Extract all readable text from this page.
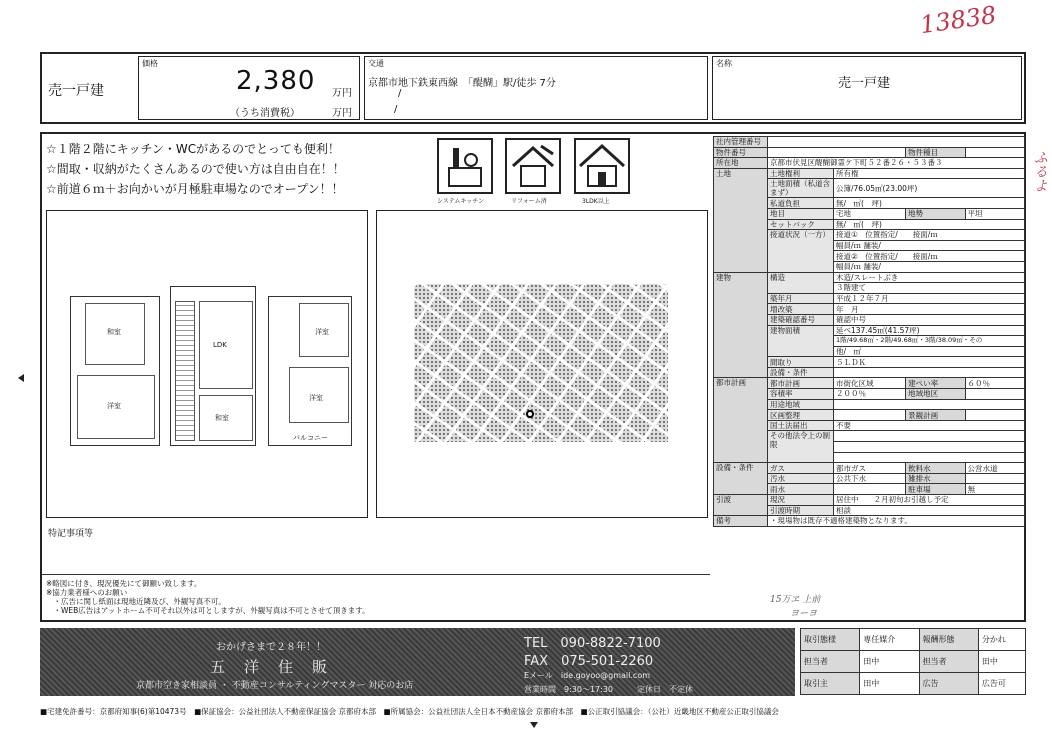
13838
ふるよ
15万ヱ 上前
ヨーヨ
売一戸建
価格
2,380 万円
（うち消費税）	万円
交通
京都市地下鉄東西線　「醍醐」駅/徒歩 7分
/
/
名称
売一戸建
☆１階２階にキッチン・WCがあるのでとっても便利！
☆間取・収納がたくさんあるので使い方は自由自在！！
☆前道６ｍ＋お向かいが月極駐車場なのでオープン！！
システムキッチン	リフォーム済	3LDK以上
和室
洋室
LDK
和室
洋室
洋室
バルコニー
特記事項等
※略図に付き、現況優先にて御願い致します。
※協力業者様へのお願い
　・広告に関し紙面は現地近隣及び、外観写真不可。
　・WEB広告はアットホーム不可それ以外は可としますが、外観写真は不可とさせて頂きます。
社内管理番号				
物件番号			物件種目	
所在地	京都市伏見区醍醐御霊ケ下町５２番２６・５３番３			
土地	土地権利	所有権		
	土地面積（私道含まず）	公簿/76.05㎡(23.00坪)		

	私道負担	無/　㎡(　坪)		
	地目	宅地	地勢	平坦
	セットバック	無/　㎡(　坪)		
	接道状況（一方）	接道①　位置指定/　　接面/ｍ		
		幅員/ｍ 舗装/		
		接道②　位置指定/　　接面/ｍ		
		幅員/ｍ 舗装/		
建物	構造	木造/スレートぶき		
		３階建て		
	築年月	平成１２年７月		
	増改築	年　月		
	建築確認番号	確認中号		
	建物面積	延べ137.45㎡(41.57坪)		
		1階/49.68㎡・2階/49.68㎡・3階/38.09㎡・その		
		他/　㎡		
	間取り	５ＬＤＫ		
	設備・条件			
都市計画	都市計画	市街化区域	建ぺい率	６０％
	容積率	２００％	地域地区	
	用途地域			
	区画整理		景観計画	
	国土法届出	不要		
	その他法令上の制限			

設備・条件	ガス	都市ガス	飲料水	公営水道
	汚水	公共下水	雑排水	
	雨水		駐車場	無
引渡	現況	居住中　　２月初旬お引越し予定		
	引渡時期	相談		
備考	・現場物は既存不適格建築物となります。			
おかげさまで２８年！！
五　洋　住　販
京都市空き家相談員 ・ 不動産コンサルティングマスター 対応のお店
TEL　090-8822-7100
FAX　075-501-2260
Eメール　ide.goyoo@gmail.com
営業時間　9:30～17:30　　　定休日　不定休
取引態様	専任媒介	報酬形態	分かれ
担当者	田中	担当者	田中
取引主	田中	広告	広告可
■宅建免許番号：京都府知事(6)第10473号　■保証協会：公益社団法人不動産保証協会 京都府本部　■所属協会：公益社団法人全日本不動産協会 京都府本部　■公正取引協議会：（公社）近畿地区不動産公正取引協議会
